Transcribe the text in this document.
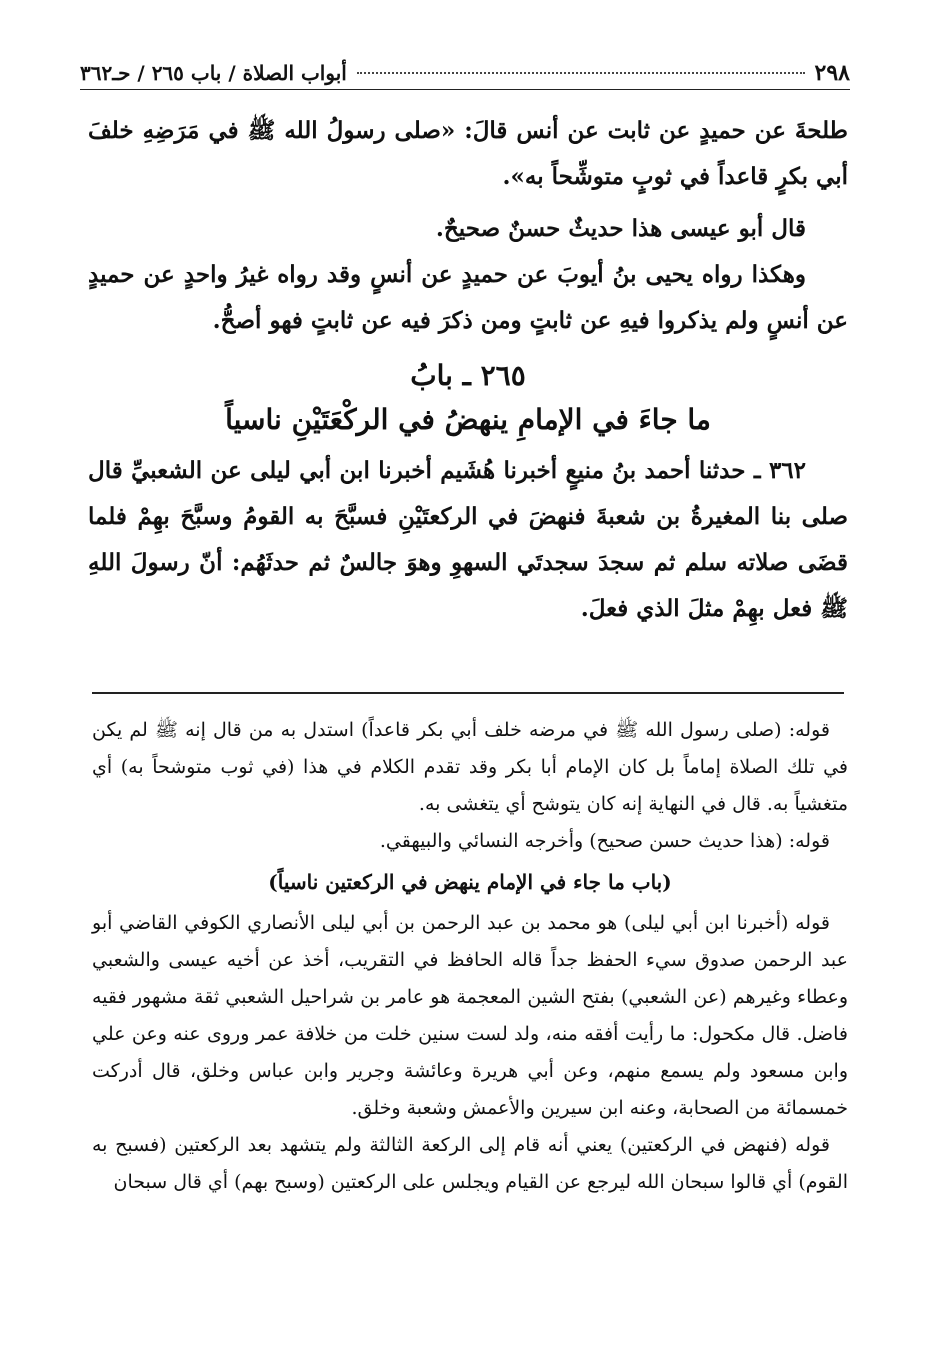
٢٩٨
أبواب الصلاة / باب ٢٦٥ / حـ٣٦٢

طلحةَ عن حميدٍ عن ثابت عن أنس قالَ: «صلى رسولُ الله ﷺ في مَرَضِهِ خلفَ أبي بكرٍ قاعداً في ثوبٍ متوشِّحاً به».

قال أبو عيسى هذا حديثٌ حسنٌ صحيحٌ.

وهكذا رواه يحيى بنُ أيوبَ عن حميدٍ عن أنسٍ وقد رواه غيرُ واحدٍ عن حميدٍ عن أنسٍ ولم يذكروا فيهِ عن ثابتٍ ومن ذكرَ فيه عن ثابتٍ فهو أصحُّ.

٢٦٥ ـ بابُ
ما جاءَ في الإمامِ ينهضُ في الركْعَتَيْنِ ناسياً

٣٦٢ ـ حدثنا أحمد بنُ منيعٍ أخبرنا هُشَيم أخبرنا ابن أبي ليلى عن الشعبيِّ قال صلى بنا المغيرةُ بن شعبةَ فنهضَ في الركعتَيْنِ فسبَّحَ به القومُ وسبَّحَ بهِمْ فلما قضَى صلاته سلم ثم سجدَ سجدتَي السهوِ وهوَ جالسٌ ثم حدثَهُم: أنّ رسولَ اللهِ ﷺ فعل بهِمْ مثلَ الذي فعلَ.

قوله: (صلى رسول الله ﷺ في مرضه خلف أبي بكر قاعداً) استدل به من قال إنه ﷺ لم يكن في تلك الصلاة إماماً بل كان الإمام أبا بكر وقد تقدم الكلام في هذا (في ثوب متوشحاً به) أي متغشياً به. قال في النهاية إنه كان يتوشح أي يتغشى به.

قوله: (هذا حديث حسن صحيح) وأخرجه النسائي والبيهقي.

(باب ما جاء في الإمام ينهض في الركعتين ناسياً)

قوله (أخبرنا ابن أبي ليلى) هو محمد بن عبد الرحمن بن أبي ليلى الأنصاري الكوفي القاضي أبو عبد الرحمن صدوق سيء الحفظ جداً قاله الحافظ في التقريب، أخذ عن أخيه عيسى والشعبي وعطاء وغيرهم (عن الشعبي) بفتح الشين المعجمة هو عامر بن شراحيل الشعبي ثقة مشهور فقيه فاضل. قال مكحول: ما رأيت أفقه منه، ولد لست سنين خلت من خلافة عمر وروى عنه وعن علي وابن مسعود ولم يسمع منهم، وعن أبي هريرة وعائشة وجرير وابن عباس وخلق، قال أدركت خمسمائة من الصحابة، وعنه ابن سيرين والأعمش وشعبة وخلق.

قوله (فنهض في الركعتين) يعني أنه قام إلى الركعة الثالثة ولم يتشهد بعد الركعتين (فسبح به القوم) أي قالوا سبحان الله ليرجع عن القيام ويجلس على الركعتين (وسبح بهم) أي قال سبحان
